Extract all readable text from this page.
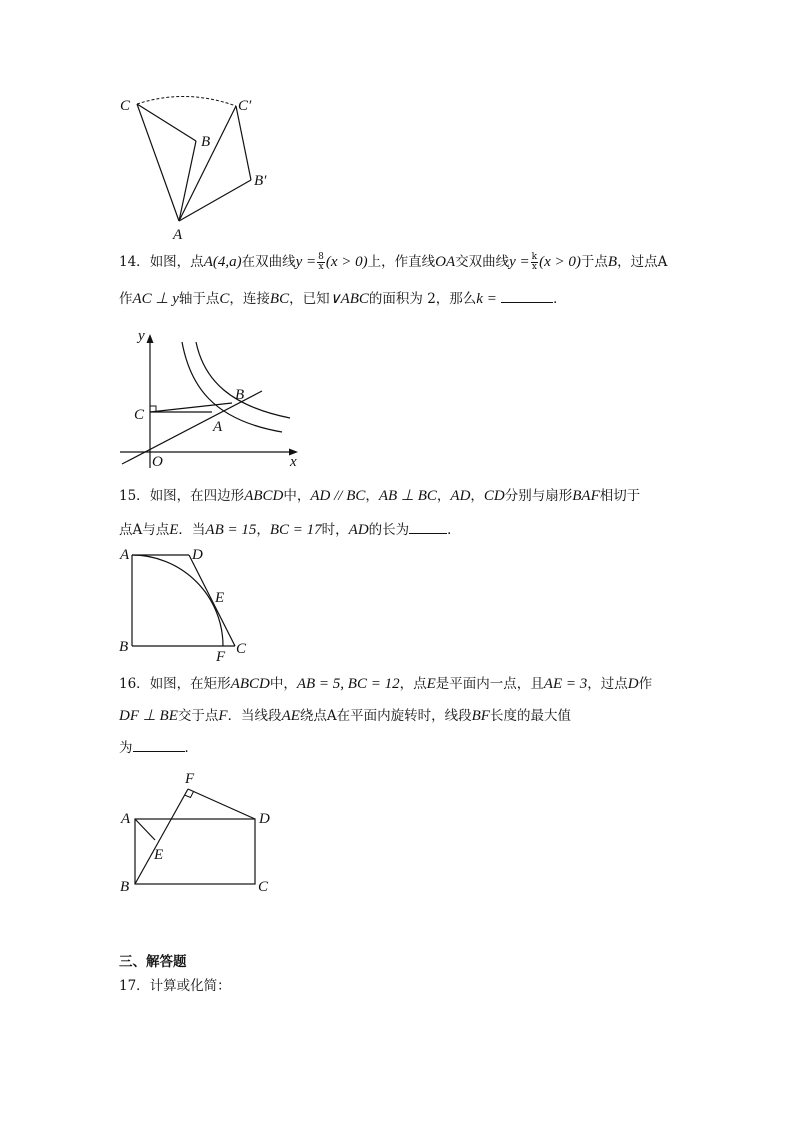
C	C′
B
B′
A
14．如图，点A(4,a)在双曲线$y = \frac{8}{x} (x > 0)$上，作直线OA交双曲线$y = \frac{k}{x} (x > 0)$于点B，过点A
作AC ⊥ y轴于点C，连接BC，已知∨ABC的面积为 2，那么k =	．
y
x
O
C
A
B
15．如图，在四边形ABCD中，AD // BC，AB ⊥ BC，AD，CD分别与扇形BAF相切于
点A与点E．当AB = 15，BC = 17时，AD的长为	．
A	D
E
B
F C
16．如图，在矩形ABCD中，AB = 5, BC = 12，点E是平面内一点，且AE = 3，过点D作
DF ⊥ BE交于点F．当线段AE绕点A在平面内旋转时，线段BF长度的最大值
为	．
F
A	D
E
B	C
三、解答题
17．计算或化简：
